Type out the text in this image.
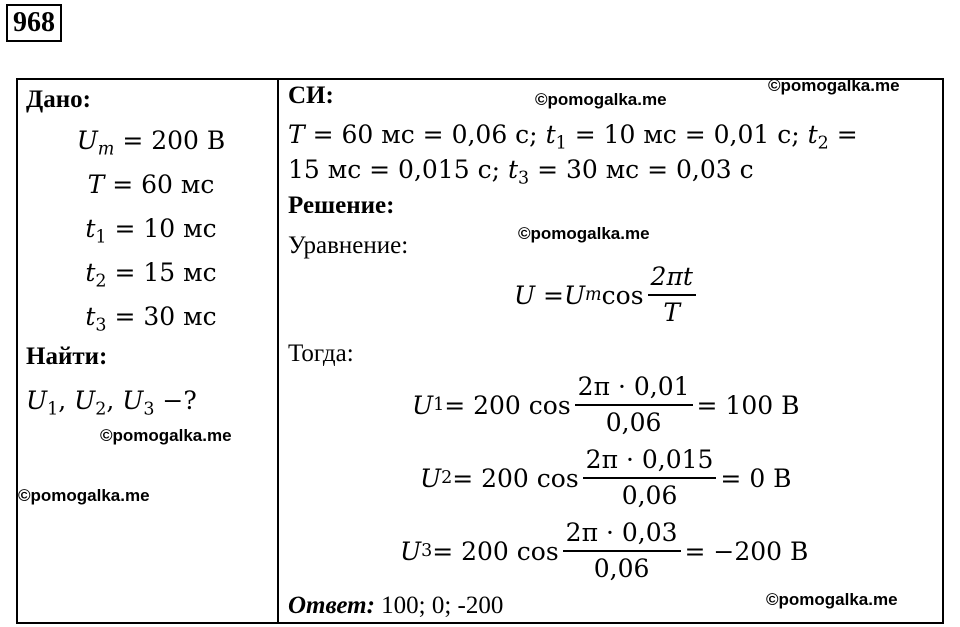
968
Дано:
$U_m = 200$ В
T = 60 мс
$t_1 = 10$ мс
$t_2 = 15$ мс
$t_3 = 30$ мс
Найти:
$U_1$, $U_2$, $U_3$ −?
СИ:
T = 60 мс = 0,06 с; $t_1 = 10$ мс = 0,01 с; $t_2$ =
15 мс = 0,015 с; $t_3 = 30$ мс = 0,03 с
Решение:
Уравнение:
U = U m $\cos \frac{2\pi t}{T}$
Тогда:
U 1 = 200 $\cos \frac{2\pi \cdot 0,01}{0,06} = 100$ В
U 2 = 200 $\cos \frac{2\pi \cdot 0,015}{0,06} = 0$ В
U 3 = 200 $\cos \frac{2\pi \cdot 0,03}{0,06} = -200$ В
Ответ: 100; 0; -200
©pomogalka.me
©pomogalka.me
©pomogalka.me
©pomogalka.me
©pomogalka.me
©pomogalka.me
